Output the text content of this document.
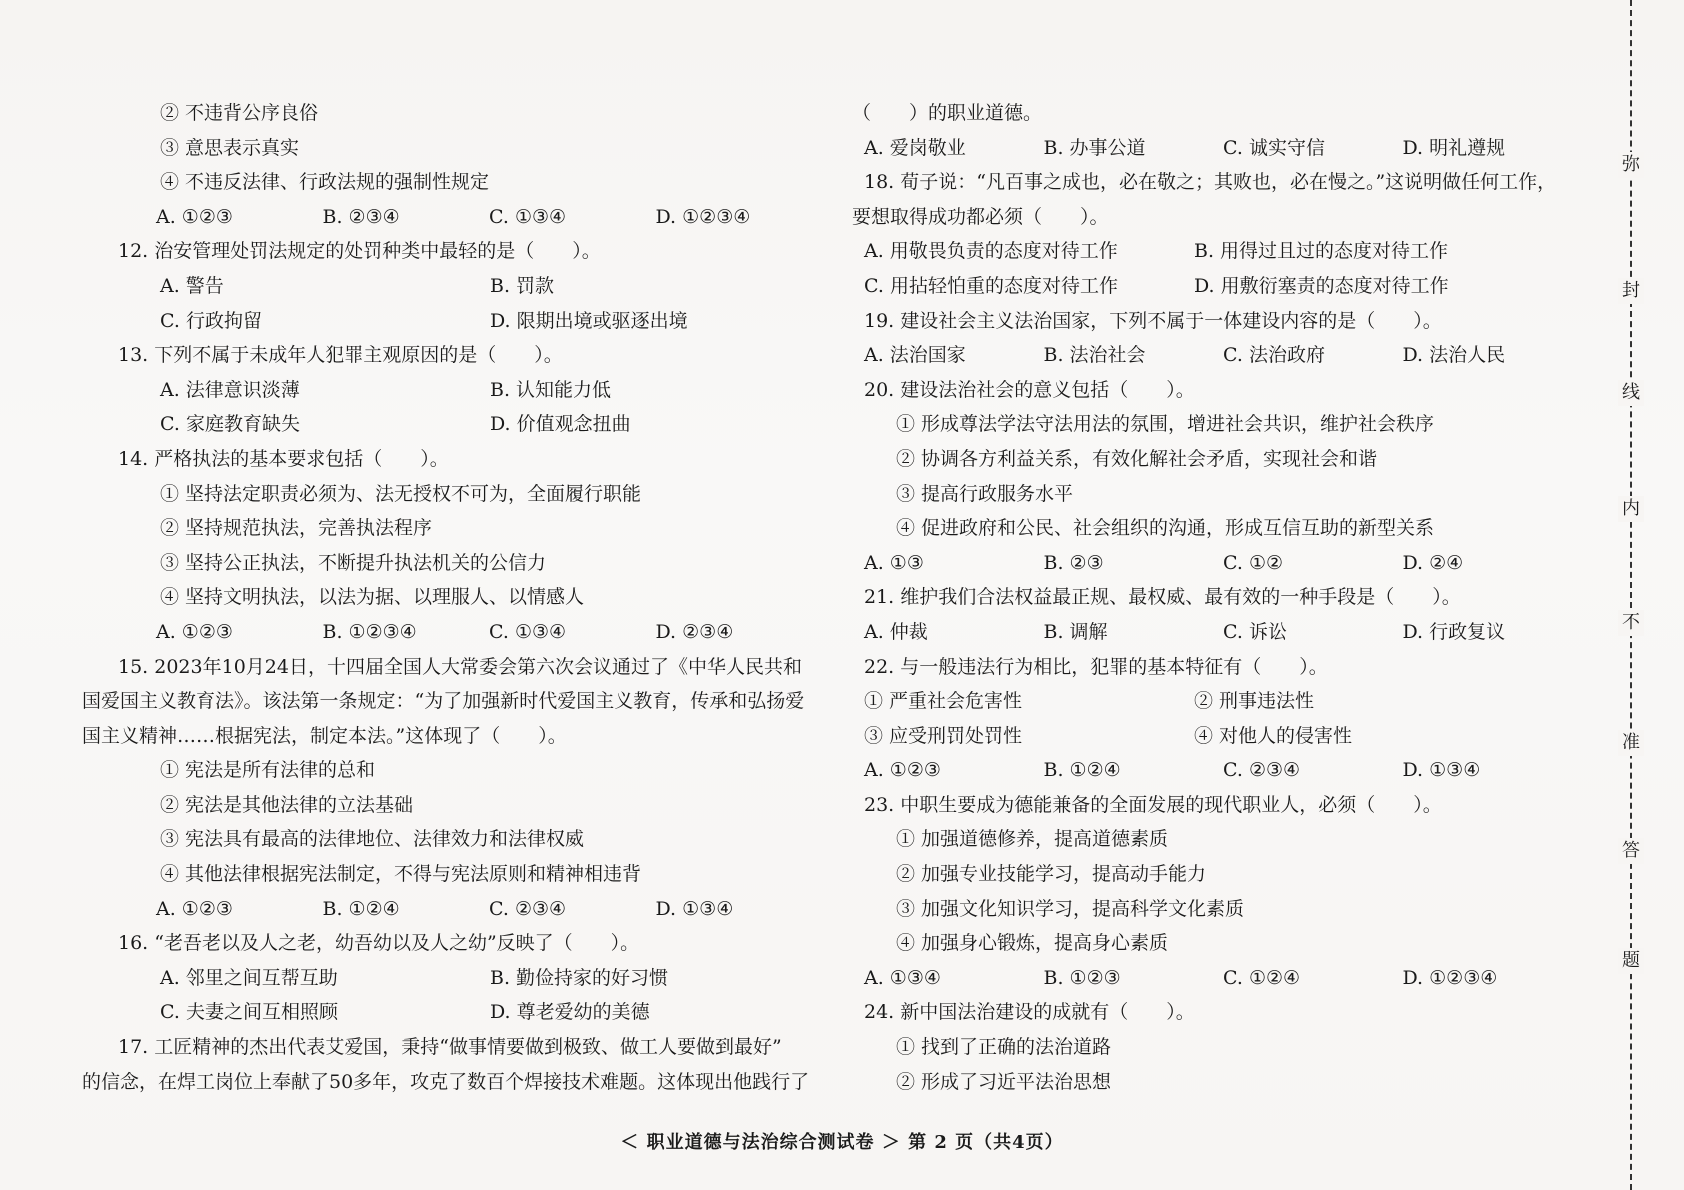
② 不违背公序良俗
③ 意思表示真实
④ 不违反法律、行政法规的强制性规定
A. ①②③	B. ②③④	C. ①③④	D. ①②③④
12. 治安管理处罚法规定的处罚种类中最轻的是（　　）。
A. 警告	B. 罚款
C. 行政拘留	D. 限期出境或驱逐出境
13. 下列不属于未成年人犯罪主观原因的是（　　）。
A. 法律意识淡薄	B. 认知能力低
C. 家庭教育缺失	D. 价值观念扭曲
14. 严格执法的基本要求包括（　　）。
① 坚持法定职责必须为、法无授权不可为，全面履行职能
② 坚持规范执法，完善执法程序
③ 坚持公正执法，不断提升执法机关的公信力
④ 坚持文明执法，以法为据、以理服人、以情感人
A. ①②③	B. ①②③④	C. ①③④	D. ②③④
15. 2023年10月24日，十四届全国人大常委会第六次会议通过了《中华人民共和
国爱国主义教育法》。该法第一条规定：“为了加强新时代爱国主义教育，传承和弘扬爱
国主义精神……根据宪法，制定本法。”这体现了（　　）。
① 宪法是所有法律的总和
② 宪法是其他法律的立法基础
③ 宪法具有最高的法律地位、法律效力和法律权威
④ 其他法律根据宪法制定，不得与宪法原则和精神相违背
A. ①②③	B. ①②④	C. ②③④	D. ①③④
16. “老吾老以及人之老，幼吾幼以及人之幼”反映了（　　）。
A. 邻里之间互帮互助	B. 勤俭持家的好习惯
C. 夫妻之间互相照顾	D. 尊老爱幼的美德
17. 工匠精神的杰出代表艾爱国，秉持“做事情要做到极致、做工人要做到最好”
的信念，在焊工岗位上奉献了50多年，攻克了数百个焊接技术难题。这体现出他践行了
（　　）的职业道德。
A. 爱岗敬业	B. 办事公道	C. 诚实守信	D. 明礼遵规
18. 荀子说：“凡百事之成也，必在敬之；其败也，必在慢之。”这说明做任何工作，
要想取得成功都必须（　　）。
A. 用敬畏负责的态度对待工作	B. 用得过且过的态度对待工作
C. 用拈轻怕重的态度对待工作	D. 用敷衍塞责的态度对待工作
19. 建设社会主义法治国家，下列不属于一体建设内容的是（　　）。
A. 法治国家	B. 法治社会	C. 法治政府	D. 法治人民
20. 建设法治社会的意义包括（　　）。
① 形成尊法学法守法用法的氛围，增进社会共识，维护社会秩序
② 协调各方利益关系，有效化解社会矛盾，实现社会和谐
③ 提高行政服务水平
④ 促进政府和公民、社会组织的沟通，形成互信互助的新型关系
A. ①③	B. ②③	C. ①②	D. ②④
21. 维护我们合法权益最正规、最权威、最有效的一种手段是（　　）。
A. 仲裁	B. 调解	C. 诉讼	D. 行政复议
22. 与一般违法行为相比，犯罪的基本特征有（　　）。
① 严重社会危害性	② 刑事违法性
③ 应受刑罚处罚性	④ 对他人的侵害性
A. ①②③	B. ①②④	C. ②③④	D. ①③④
23. 中职生要成为德能兼备的全面发展的现代职业人，必须（　　）。
① 加强道德修养，提高道德素质
② 加强专业技能学习，提高动手能力
③ 加强文化知识学习，提高科学文化素质
④ 加强身心锻炼，提高身心素质
A. ①③④	B. ①②③	C. ①②④	D. ①②③④
24. 新中国法治建设的成就有（　　）。
① 找到了正确的法治道路
② 形成了习近平法治思想
＜ 职业道德与法治综合测试卷 ＞ 第 2 页（共4页）
弥
封
线
内
不
准
答
题
